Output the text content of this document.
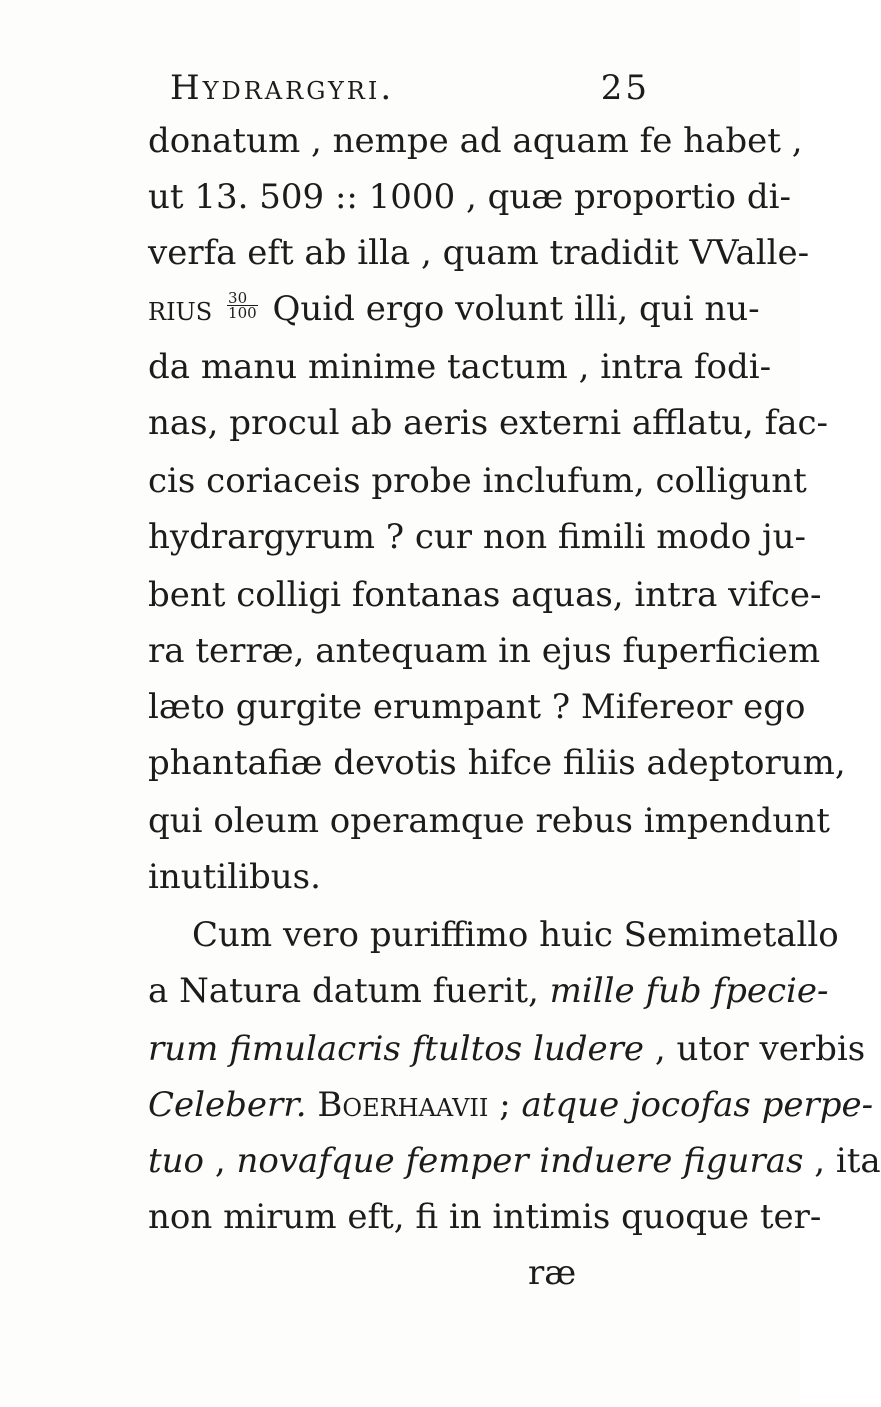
Hydrargyri.	25
donatum , nempe ad aquam fe habet ,
ut 13. 509 :: 1000 , quæ proportio di-
verfa eft ab illa , quam tradidit VValle-
rius $\frac{30}{100}$ Quid ergo volunt illi, qui nu-
da manu minime tactum , intra fodi-
nas, procul ab aeris externi afflatu, fac-
cis coriaceis probe inclufum, colligunt
hydrargyrum ? cur non fimili modo ju-
bent colligi fontanas aquas, intra vifce-
ra terræ, antequam in ejus fuperficiem
læto gurgite erumpant ? Mifereor ego
phantafiæ devotis hifce filiis adeptorum,
qui oleum operamque rebus impendunt
inutilibus.
Cum vero puriffimo huic Semimetallo
a Natura datum fuerit, mille fub fpecie-
rum fimulacris ftultos ludere , utor verbis
Celeberr. Boerhaavii ; atque jocofas perpe-
tuo , novafque femper induere figuras , ita
non mirum eft, fi in intimis quoque ter-
ræ
